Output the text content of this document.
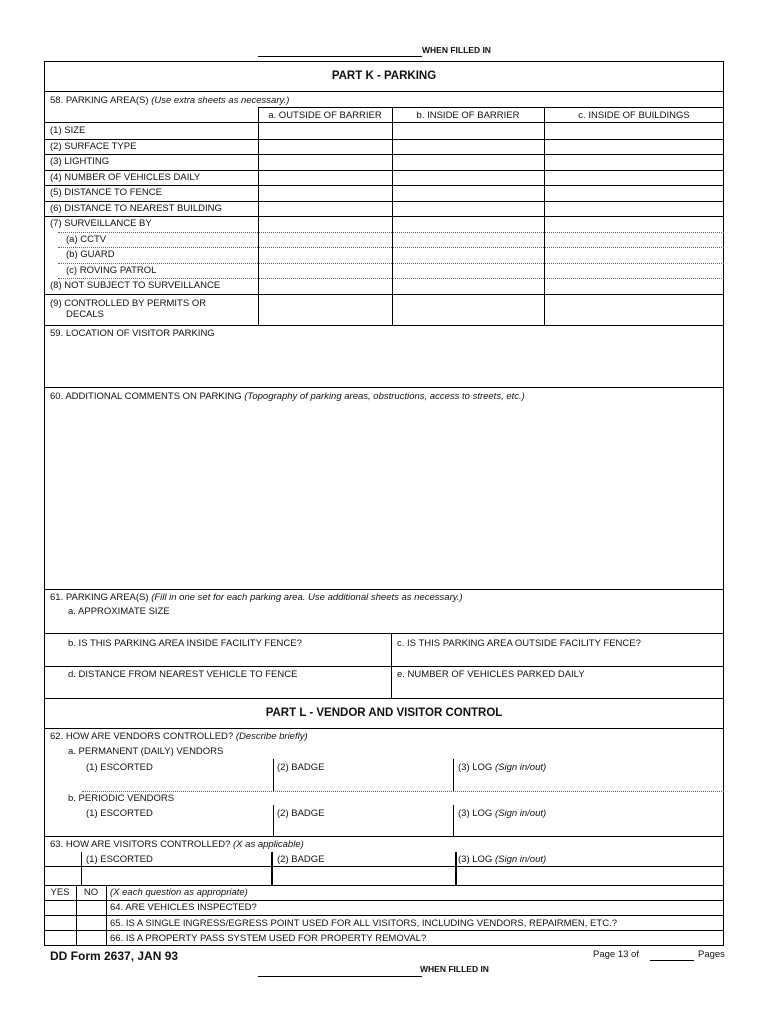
WHEN FILLED IN
PART K - PARKING
58. PARKING AREA(S) (Use extra sheets as necessary.)
a. OUTSIDE OF BARRIER	b. INSIDE OF BARRIER	c. INSIDE OF BUILDINGS
(1) SIZE
(2) SURFACE TYPE
(3) LIGHTING
(4) NUMBER OF VEHICLES DAILY
(5) DISTANCE TO FENCE
(6) DISTANCE TO NEAREST BUILDING
(7) SURVEILLANCE BY
(a) CCTV
(b) GUARD
(c) ROVING PATROL
(8) NOT SUBJECT TO SURVEILLANCE
(9) CONTROLLED BY PERMITS OR
DECALS
59. LOCATION OF VISITOR PARKING
60. ADDITIONAL COMMENTS ON PARKING (Topography of parking areas, obstructions, access to streets, etc.)
61. PARKING AREA(S) (Fill in one set for each parking area. Use additional sheets as necessary.)
a. APPROXIMATE SIZE
b. IS THIS PARKING AREA INSIDE FACILITY FENCE?	c. IS THIS PARKING AREA OUTSIDE FACILITY FENCE?
d. DISTANCE FROM NEAREST VEHICLE TO FENCE	e. NUMBER OF VEHICLES PARKED DAILY
PART L - VENDOR AND VISITOR CONTROL
62. HOW ARE VENDORS CONTROLLED? (Describe briefly)
a. PERMANENT (DAILY) VENDORS
(1) ESCORTED	(2) BADGE	(3) LOG (Sign in/out)
b. PERIODIC VENDORS
(1) ESCORTED	(2) BADGE	(3) LOG (Sign in/out)
63. HOW ARE VISITORS CONTROLLED? (X as applicable)
(1) ESCORTED	(2) BADGE	(3) LOG (Sign in/out)
YES	NO	(X each question as appropriate)
64. ARE VEHICLES INSPECTED?
65. IS A SINGLE INGRESS/EGRESS POINT USED FOR ALL VISITORS, INCLUDING VENDORS, REPAIRMEN, ETC.?
66. IS A PROPERTY PASS SYSTEM USED FOR PROPERTY REMOVAL?
DD Form 2637, JAN 93	Page 13 of	Pages
WHEN FILLED IN
